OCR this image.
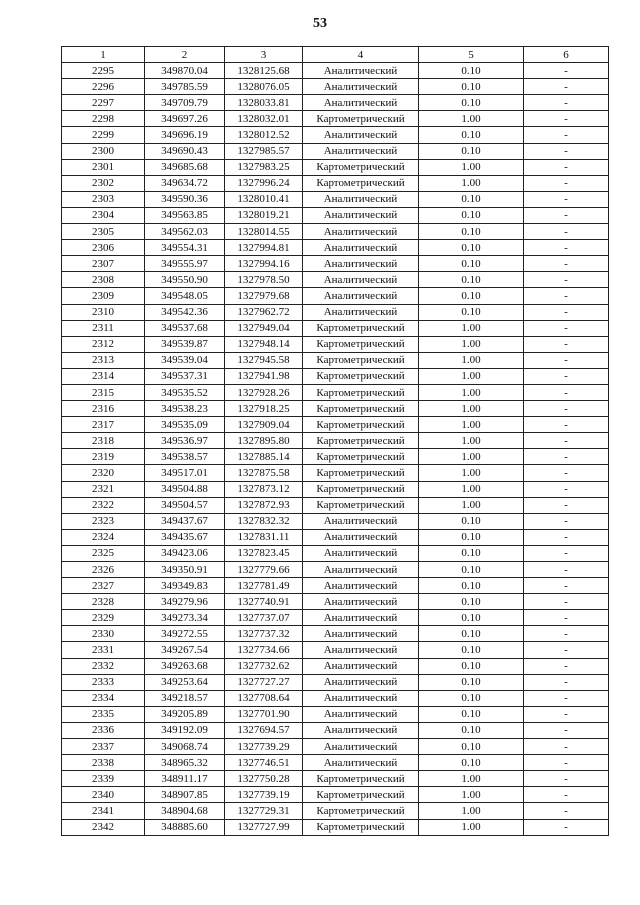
53
1	2	3	4	5	6
2295	349870.04	1328125.68	Аналитический	0.10	-
2296	349785.59	1328076.05	Аналитический	0.10	-
2297	349709.79	1328033.81	Аналитический	0.10	-
2298	349697.26	1328032.01	Картометрический	1.00	-
2299	349696.19	1328012.52	Аналитический	0.10	-
2300	349690.43	1327985.57	Аналитический	0.10	-
2301	349685.68	1327983.25	Картометрический	1.00	-
2302	349634.72	1327996.24	Картометрический	1.00	-
2303	349590.36	1328010.41	Аналитический	0.10	-
2304	349563.85	1328019.21	Аналитический	0.10	-
2305	349562.03	1328014.55	Аналитический	0.10	-
2306	349554.31	1327994.81	Аналитический	0.10	-
2307	349555.97	1327994.16	Аналитический	0.10	-
2308	349550.90	1327978.50	Аналитический	0.10	-
2309	349548.05	1327979.68	Аналитический	0.10	-
2310	349542.36	1327962.72	Аналитический	0.10	-
2311	349537.68	1327949.04	Картометрический	1.00	-
2312	349539.87	1327948.14	Картометрический	1.00	-
2313	349539.04	1327945.58	Картометрический	1.00	-
2314	349537.31	1327941.98	Картометрический	1.00	-
2315	349535.52	1327928.26	Картометрический	1.00	-
2316	349538.23	1327918.25	Картометрический	1.00	-
2317	349535.09	1327909.04	Картометрический	1.00	-
2318	349536.97	1327895.80	Картометрический	1.00	-
2319	349538.57	1327885.14	Картометрический	1.00	-
2320	349517.01	1327875.58	Картометрический	1.00	-
2321	349504.88	1327873.12	Картометрический	1.00	-
2322	349504.57	1327872.93	Картометрический	1.00	-
2323	349437.67	1327832.32	Аналитический	0.10	-
2324	349435.67	1327831.11	Аналитический	0.10	-
2325	349423.06	1327823.45	Аналитический	0.10	-
2326	349350.91	1327779.66	Аналитический	0.10	-
2327	349349.83	1327781.49	Аналитический	0.10	-
2328	349279.96	1327740.91	Аналитический	0.10	-
2329	349273.34	1327737.07	Аналитический	0.10	-
2330	349272.55	1327737.32	Аналитический	0.10	-
2331	349267.54	1327734.66	Аналитический	0.10	-
2332	349263.68	1327732.62	Аналитический	0.10	-
2333	349253.64	1327727.27	Аналитический	0.10	-
2334	349218.57	1327708.64	Аналитический	0.10	-
2335	349205.89	1327701.90	Аналитический	0.10	-
2336	349192.09	1327694.57	Аналитический	0.10	-
2337	349068.74	1327739.29	Аналитический	0.10	-
2338	348965.32	1327746.51	Аналитический	0.10	-
2339	348911.17	1327750.28	Картометрический	1.00	-
2340	348907.85	1327739.19	Картометрический	1.00	-
2341	348904.68	1327729.31	Картометрический	1.00	-
2342	348885.60	1327727.99	Картометрический	1.00	-
